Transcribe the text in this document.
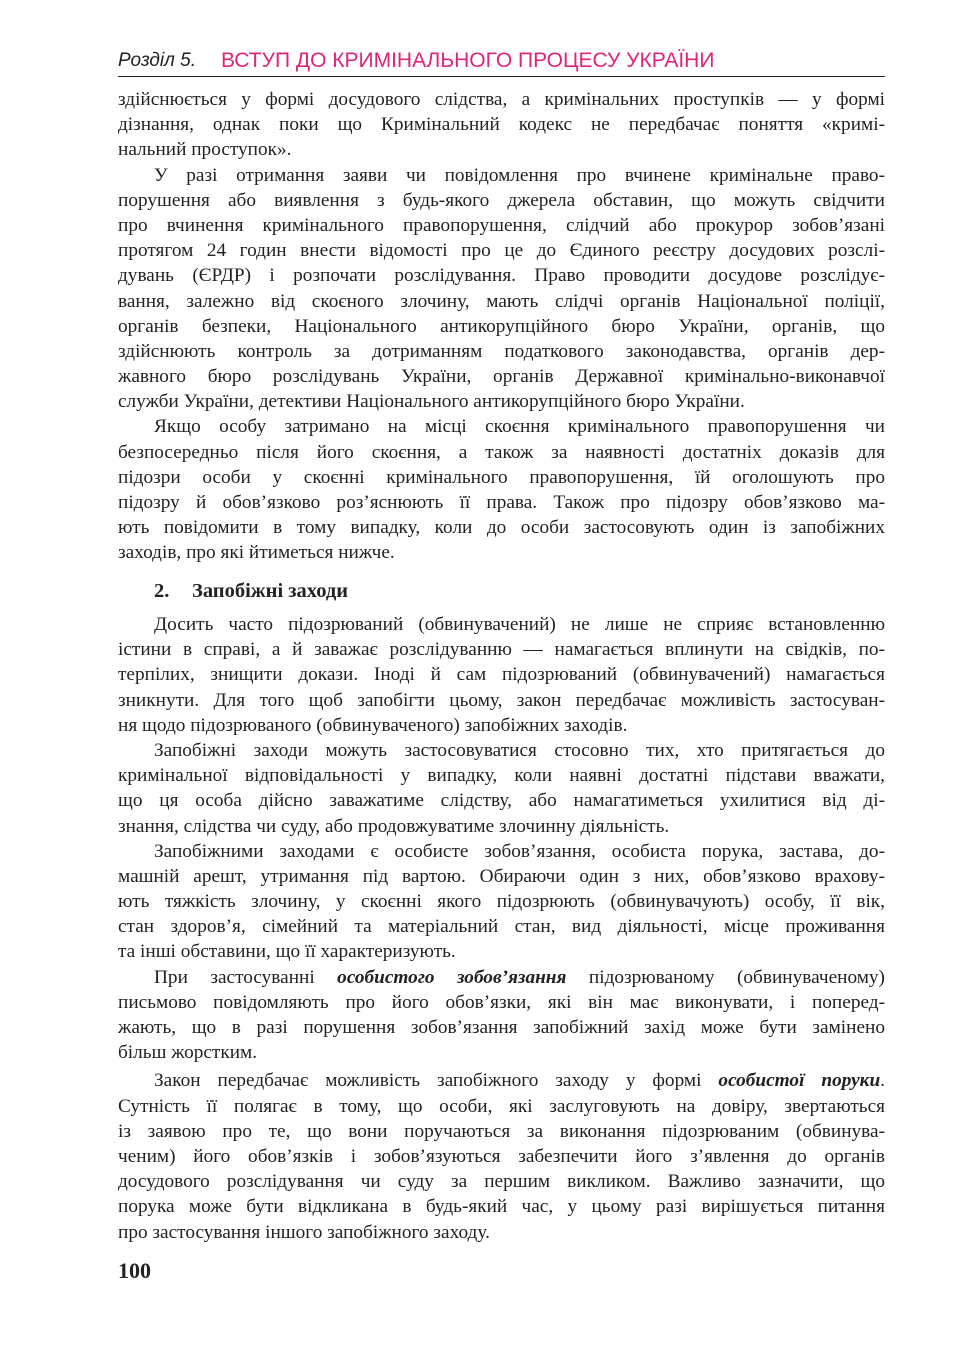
Розділ 5. ВСТУП ДО КРИМІНАЛЬНОГО ПРОЦЕСУ УКРАЇНИ
здійснюється у формі досудового слідства, а кримінальних проступків — у формі
дізнання, однак поки що Кримінальний кодекс не передбачає поняття «кримі-
нальний проступок».
У разі отримання заяви чи повідомлення про вчинене кримінальне право-
порушення або виявлення з будь-якого джерела обставин, що можуть свідчити
про вчинення кримінального правопорушення, слідчий або прокурор зобов’язані
протягом 24 годин внести відомості про це до Єдиного реєстру досудових розслі-
дувань (ЄРДР) і розпочати розслідування. Право проводити досудове розслідує-
вання, залежно від скоєного злочину, мають слідчі органів Національної поліції,
органів безпеки, Національного антикорупційного бюро України, органів, що
здійснюють контроль за дотриманням податкового законодавства, органів дер-
жавного бюро розслідувань України, органів Державної кримінально-виконавчої
служби України, детективи Національного антикорупційного бюро України.
Якщо особу затримано на місці скоєння кримінального правопорушення чи
безпосередньо після його скоєння, а також за наявності достатніх доказів для
підозри особи у скоєнні кримінального правопорушення, їй оголошують про
підозру й обов’язково роз’яснюють її права. Також про підозру обов’язково ма-
ють повідомити в тому випадку, коли до особи застосовують один із запобіжних
заходів, про які йтиметься нижче.
2. Запобіжні заходи
Досить часто підозрюваний (обвинувачений) не лише не сприяє встановленню
істини в справі, а й заважає розслідуванню — намагається вплинути на свідків, по-
терпілих, знищити докази. Іноді й сам підозрюваний (обвинувачений) намагається
зникнути. Для того щоб запобігти цьому, закон передбачає можливість застосуван-
ня щодо підозрюваного (обвинуваченого) запобіжних заходів.
Запобіжні заходи можуть застосовуватися стосовно тих, хто притягається до
кримінальної відповідальності у випадку, коли наявні достатні підстави вважати,
що ця особа дійсно заважатиме слідству, або намагатиметься ухилитися від ді-
знання, слідства чи суду, або продовжуватиме злочинну діяльність.
Запобіжними заходами є особисте зобов’язання, особиста порука, застава, до-
машній арешт, утримання під вартою. Обираючи один з них, обов’язково врахову-
ють тяжкість злочину, у скоєнні якого підозрюють (обвинувачують) особу, її вік,
стан здоров’я, сімейний та матеріальний стан, вид діяльності, місце проживання
та інші обставини, що її характеризують.
При застосуванні особистого зобов’язання підозрюваному (обвинуваченому)
письмово повідомляють про його обов’язки, які він має виконувати, і поперед-
жають, що в разі порушення зобов’язання запобіжний захід може бути замінено
більш жорстким.
Закон передбачає можливість запобіжного заходу у формі особистої поруки.
Сутність її полягає в тому, що особи, які заслуговують на довіру, звертаються
із заявою про те, що вони поручаються за виконання підозрюваним (обвинува-
ченим) його обов’язків і зобов’язуються забезпечити його з’явлення до органів
досудового розслідування чи суду за першим викликом. Важливо зазначити, що
порука може бути відкликана в будь-який час, у цьому разі вирішується питання
про застосування іншого запобіжного заходу.
100
